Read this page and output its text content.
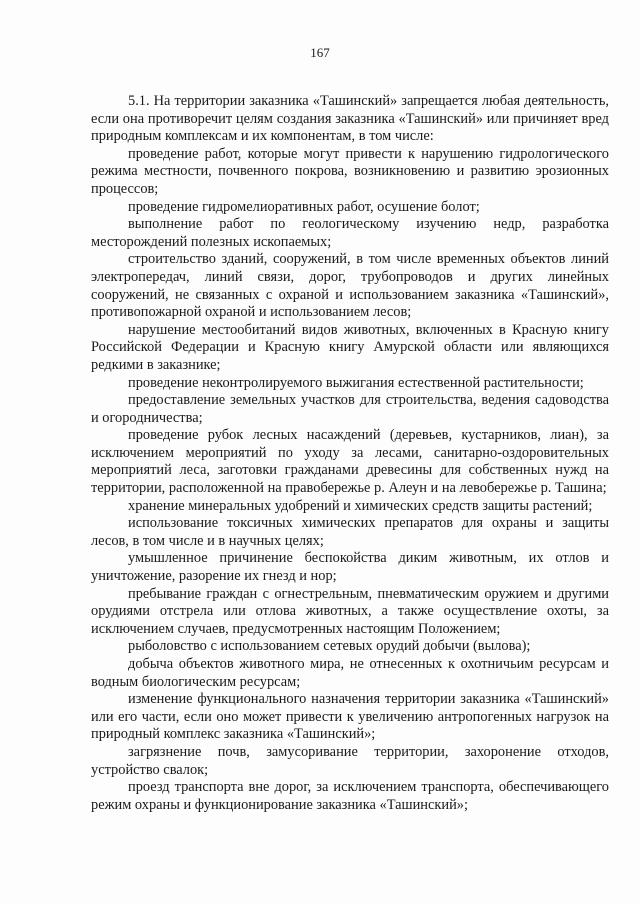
167

5.1. На территории заказника «Ташинский» запрещается любая деятельность, если она противоречит целям создания заказника «Ташинский» или причиняет вред природным комплексам и их компонентам, в том числе:

проведение работ, которые могут привести к нарушению гидрологического режима местности, почвенного покрова, возникновению и развитию эрозионных процессов;

проведение гидромелиоративных работ, осушение болот;

выполнение работ по геологическому изучению недр, разработка месторождений полезных ископаемых;

строительство зданий, сооружений, в том числе временных объектов линий электропередач, линий связи, дорог, трубопроводов и других линейных сооружений, не связанных с охраной и использованием заказника «Ташинский», противопожарной охраной и использованием лесов;

нарушение местообитаний видов животных, включенных в Красную книгу Российской Федерации и Красную книгу Амурской области или являющихся редкими в заказнике;

проведение неконтролируемого выжигания естественной растительности;

предоставление земельных участков для строительства, ведения садоводства и огородничества;

проведение рубок лесных насаждений (деревьев, кустарников, лиан), за исключением мероприятий по уходу за лесами, санитарно-оздоровительных мероприятий леса, заготовки гражданами древесины для собственных нужд на территории, расположенной на правобережье р. Алеун и на левобережье р. Ташина;

хранение минеральных удобрений и химических средств защиты растений;

использование токсичных химических препаратов для охраны и защиты лесов, в том числе и в научных целях;

умышленное причинение беспокойства диким животным, их отлов и уничтожение, разорение их гнезд и нор;

пребывание граждан с огнестрельным, пневматическим оружием и другими орудиями отстрела или отлова животных, а также осуществление охоты, за исключением случаев, предусмотренных настоящим Положением;

рыболовство с использованием сетевых орудий добычи (вылова);

добыча объектов животного мира, не отнесенных к охотничьим ресурсам и водным биологическим ресурсам;

изменение функционального назначения территории заказника «Ташинский» или его части, если оно может привести к увеличению антропогенных нагрузок на природный комплекс заказника «Ташинский»;

загрязнение почв, замусоривание территории, захоронение отходов, устройство свалок;

проезд транспорта вне дорог, за исключением транспорта, обеспечивающего режим охраны и функционирование заказника «Ташинский»;
